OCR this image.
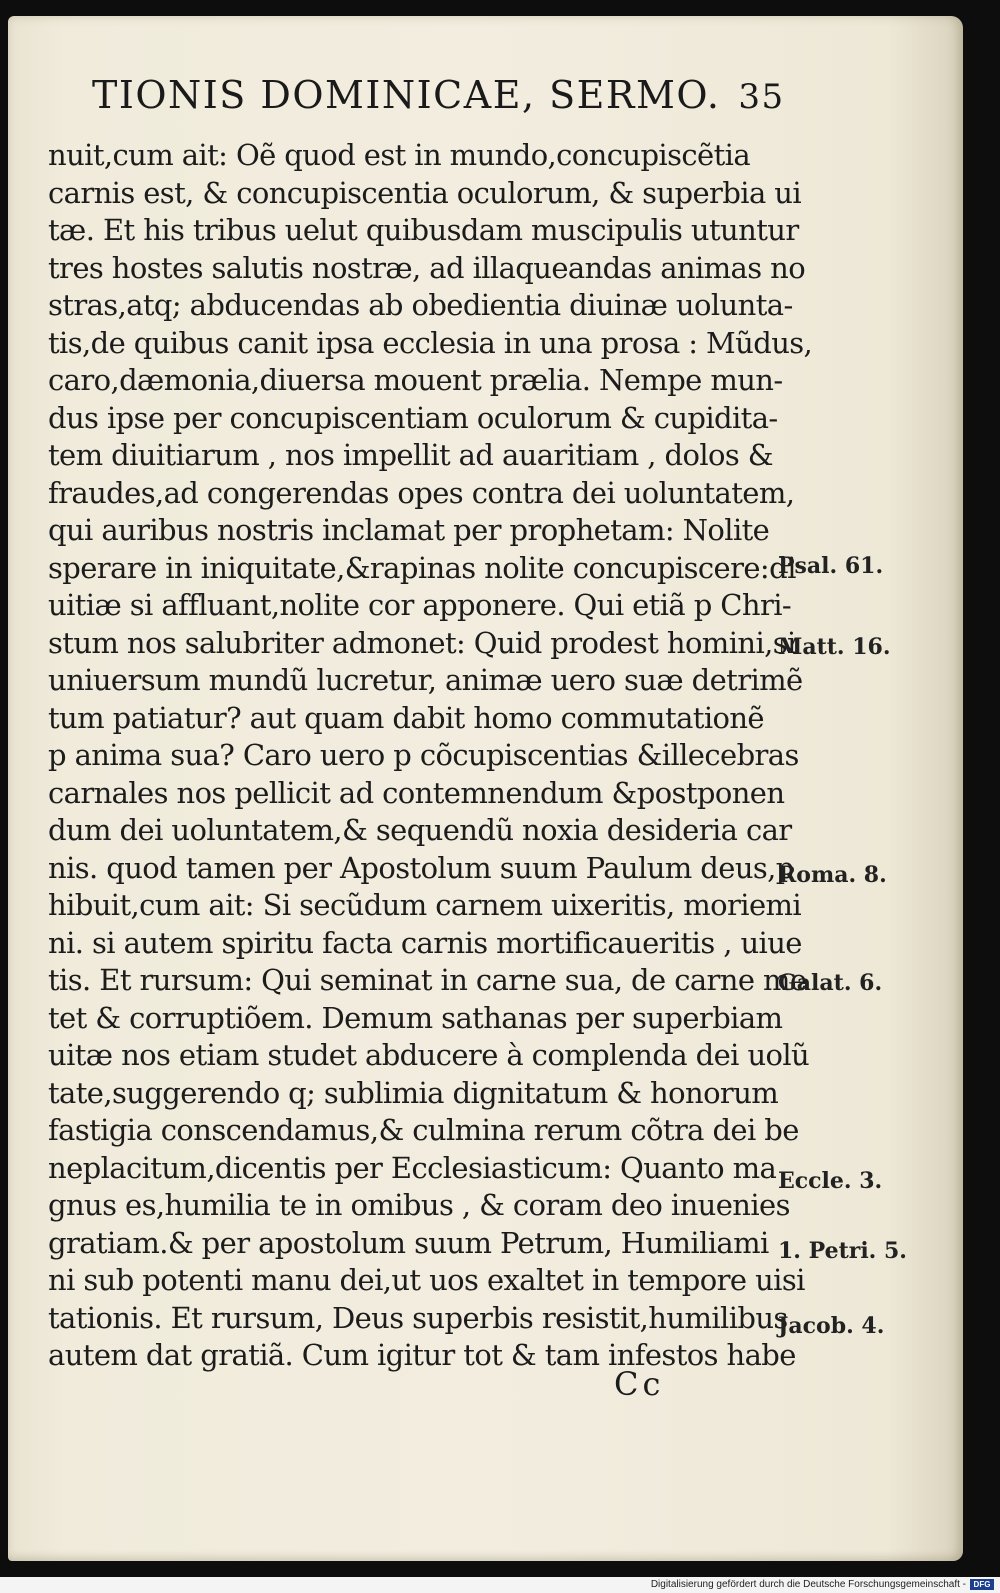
TIONIS DOMINICAE, SERMO. 35
nuit,cum ait: Oẽ quod est in mundo,concupiscẽtia
carnis est, & concupiscentia oculorum, & superbia ui
tæ. Et his tribus uelut quibusdam muscipulis utuntur
tres hostes salutis nostræ, ad illaqueandas animas no
stras,atq; abducendas ab obedientia diuinæ uolunta-
tis,de quibus canit ipsa ecclesia in una prosa : Mũdus,
caro,dæmonia,diuersa mouent prælia. Nempe mun-
dus ipse per concupiscentiam oculorum & cupidita-
tem diuitiarum , nos impellit ad auaritiam , dolos &
fraudes,ad congerendas opes contra dei uoluntatem,
qui auribus nostris inclamat per prophetam: Nolite
sperare in iniquitate,&rapinas nolite concupiscere:di
uitiæ si affluant,nolite cor apponere. Qui etiã p Chri-
stum nos salubriter admonet: Quid prodest homini,si
uniuersum mundũ lucretur, animæ uero suæ detrimẽ
tum patiatur? aut quam dabit homo commutationẽ
p anima sua? Caro uero p cõcupiscentias &illecebras
carnales nos pellicit ad contemnendum &postponen
dum dei uoluntatem,& sequendũ noxia desideria car
nis. quod tamen per Apostolum suum Paulum deus,p
hibuit,cum ait: Si secũdum carnem uixeritis, moriemi
ni. si autem spiritu facta carnis mortificaueritis , uiue
tis. Et rursum: Qui seminat in carne sua, de carne me
tet & corruptiõem. Demum sathanas per superbiam
uitæ nos etiam studet abducere à complenda dei uolũ
tate,suggerendo q; sublimia dignitatum & honorum
fastigia conscendamus,& culmina rerum cõtra dei be
neplacitum,dicentis per Ecclesiasticum: Quanto ma
gnus es,humilia te in omibus , & coram deo inuenies
gratiam.& per apostolum suum Petrum, Humiliami
ni sub potenti manu dei,ut uos exaltet in tempore uisi
tationis. Et rursum, Deus superbis resistit,humilibus
autem dat gratiã. Cum igitur tot & tam infestos habe
Psal. 61.
Matt. 16.
Roma. 8.
Galat. 6.
Eccle. 3.
1. Petri. 5.
Jacob. 4.
Cc
Digitalisierung gefördert durch die Deutsche Forschungsgemeinschaft - DFG
